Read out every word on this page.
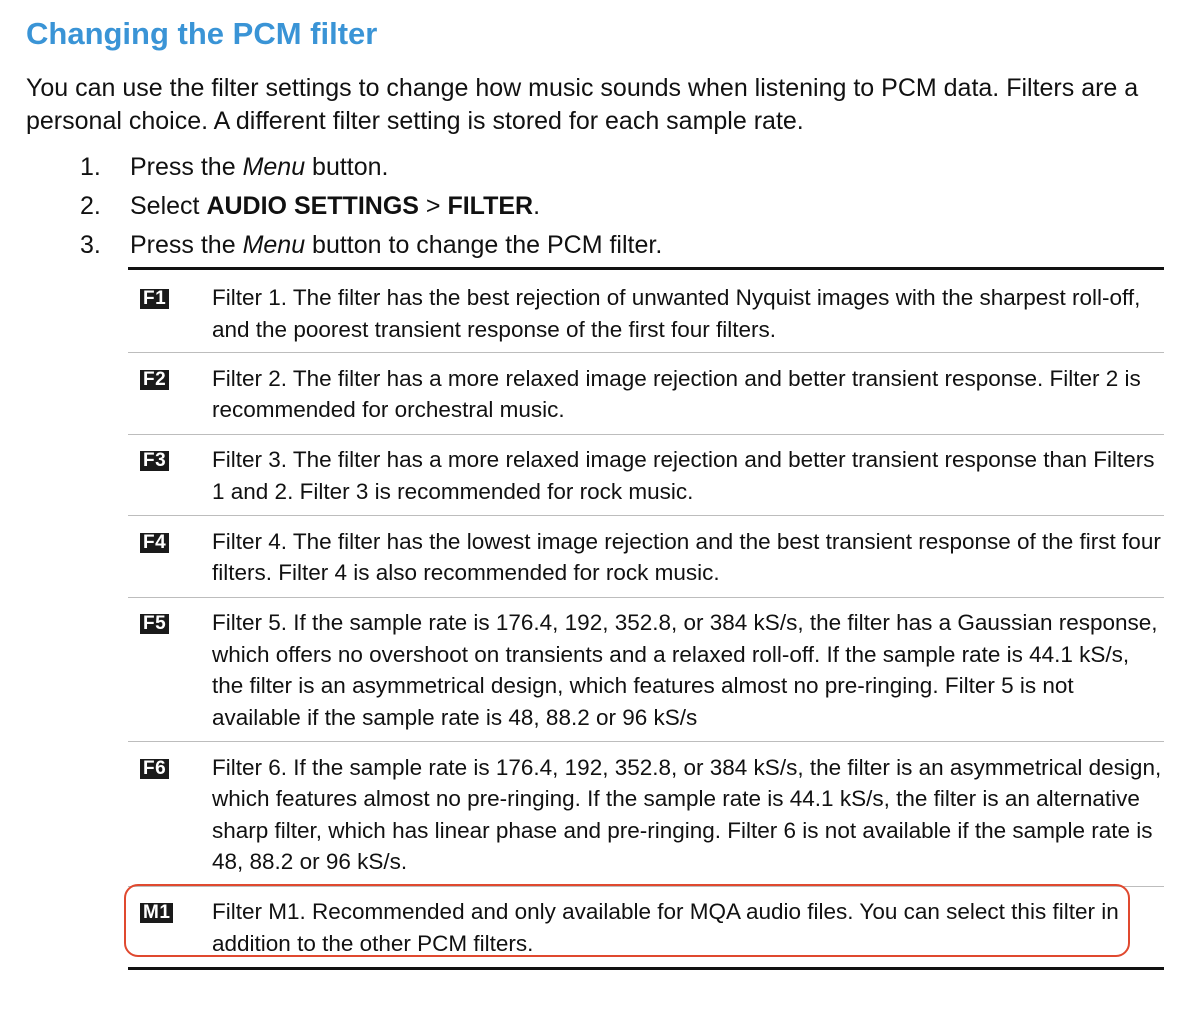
Changing the PCM filter

You can use the filter settings to change how music sounds when listening to PCM data. Filters are a personal choice. A different filter setting is stored for each sample rate.

1. Press the Menu button.
2. Select AUDIO SETTINGS > FILTER.
3. Press the Menu button to change the PCM filter.
F1 Filter 1. The filter has the best rejection of unwanted Nyquist images with the sharpest roll-off, and the poorest transient response of the first four filters.

F2 Filter 2. The filter has a more relaxed image rejection and better transient response. Filter 2 is recommended for orchestral music.

F3 Filter 3. The filter has a more relaxed image rejection and better transient response than Filters 1 and 2. Filter 3 is recommended for rock music.

F4 Filter 4. The filter has the lowest image rejection and the best transient response of the first four filters. Filter 4 is also recommended for rock music.

F5 Filter 5. If the sample rate is 176.4, 192, 352.8, or 384 kS/s, the filter has a Gaussian response, which offers no overshoot on transients and a relaxed roll-off. If the sample rate is 44.1 kS/s, the filter is an asymmetrical design, which features almost no pre-ringing. Filter 5 is not available if the sample rate is 48, 88.2 or 96 kS/s

F6 Filter 6. If the sample rate is 176.4, 192, 352.8, or 384 kS/s, the filter is an asymmetrical design, which features almost no pre-ringing. If the sample rate is 44.1 kS/s, the filter is an alternative sharp filter, which has linear phase and pre-ringing. Filter 6 is not available if the sample rate is 48, 88.2 or 96 kS/s.

M1 Filter M1. Recommended and only available for MQA audio files. You can select this filter in addition to the other PCM filters.
